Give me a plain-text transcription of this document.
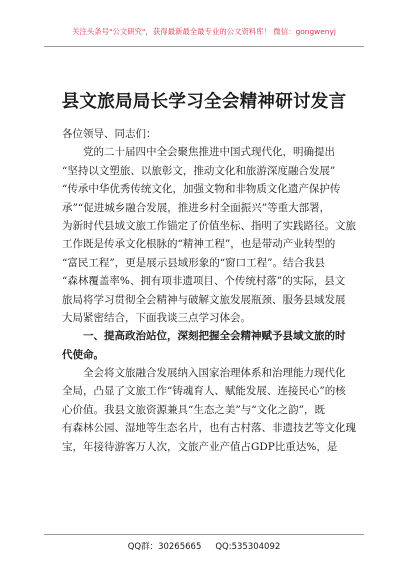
关注头条号"公文研究"，获得最新最全最专业的公文资料库！ 微信：gongwenyj
县文旅局局长学习全会精神研讨发言
各位领导、同志们：
党的二十届四中全会聚焦推进中国式现代化，明确提出
“坚持以文塑旅、以旅彰文，推动文化和旅游深度融合发展”
“传承中华优秀传统文化，加强文物和非物质文化遗产保护传
承”“促进城乡融合发展，推进乡村全面振兴”等重大部署，
为新时代县域文旅工作锚定了价值坐标、指明了实践路径。文旅
工作既是传承文化根脉的“精神工程”，也是带动产业转型的
“富民工程”，更是展示县域形象的“窗口工程”。结合我县
“森林覆盖率%、拥有项非遗项目、个传统村落”的实际，县文
旅局将学习贯彻全会精神与破解文旅发展瓶颈、服务县域发展
大局紧密结合，下面我谈三点学习体会。
一、提高政治站位，深刻把握全会精神赋予县域文旅的时
代使命。
全会将文旅融合发展纳入国家治理体系和治理能力现代化
全局，凸显了文旅工作“铸魂育人、赋能发展、连接民心”的核
心价值。我县文旅资源兼具“生态之美”与“文化之韵”，既
有森林公园、湿地等生态名片，也有古村落、非遗技艺等文化瑰
宝，年接待游客万人次，文旅产业产值占GDP比重达%，是
QQ群：30265665 QQ:535304092
